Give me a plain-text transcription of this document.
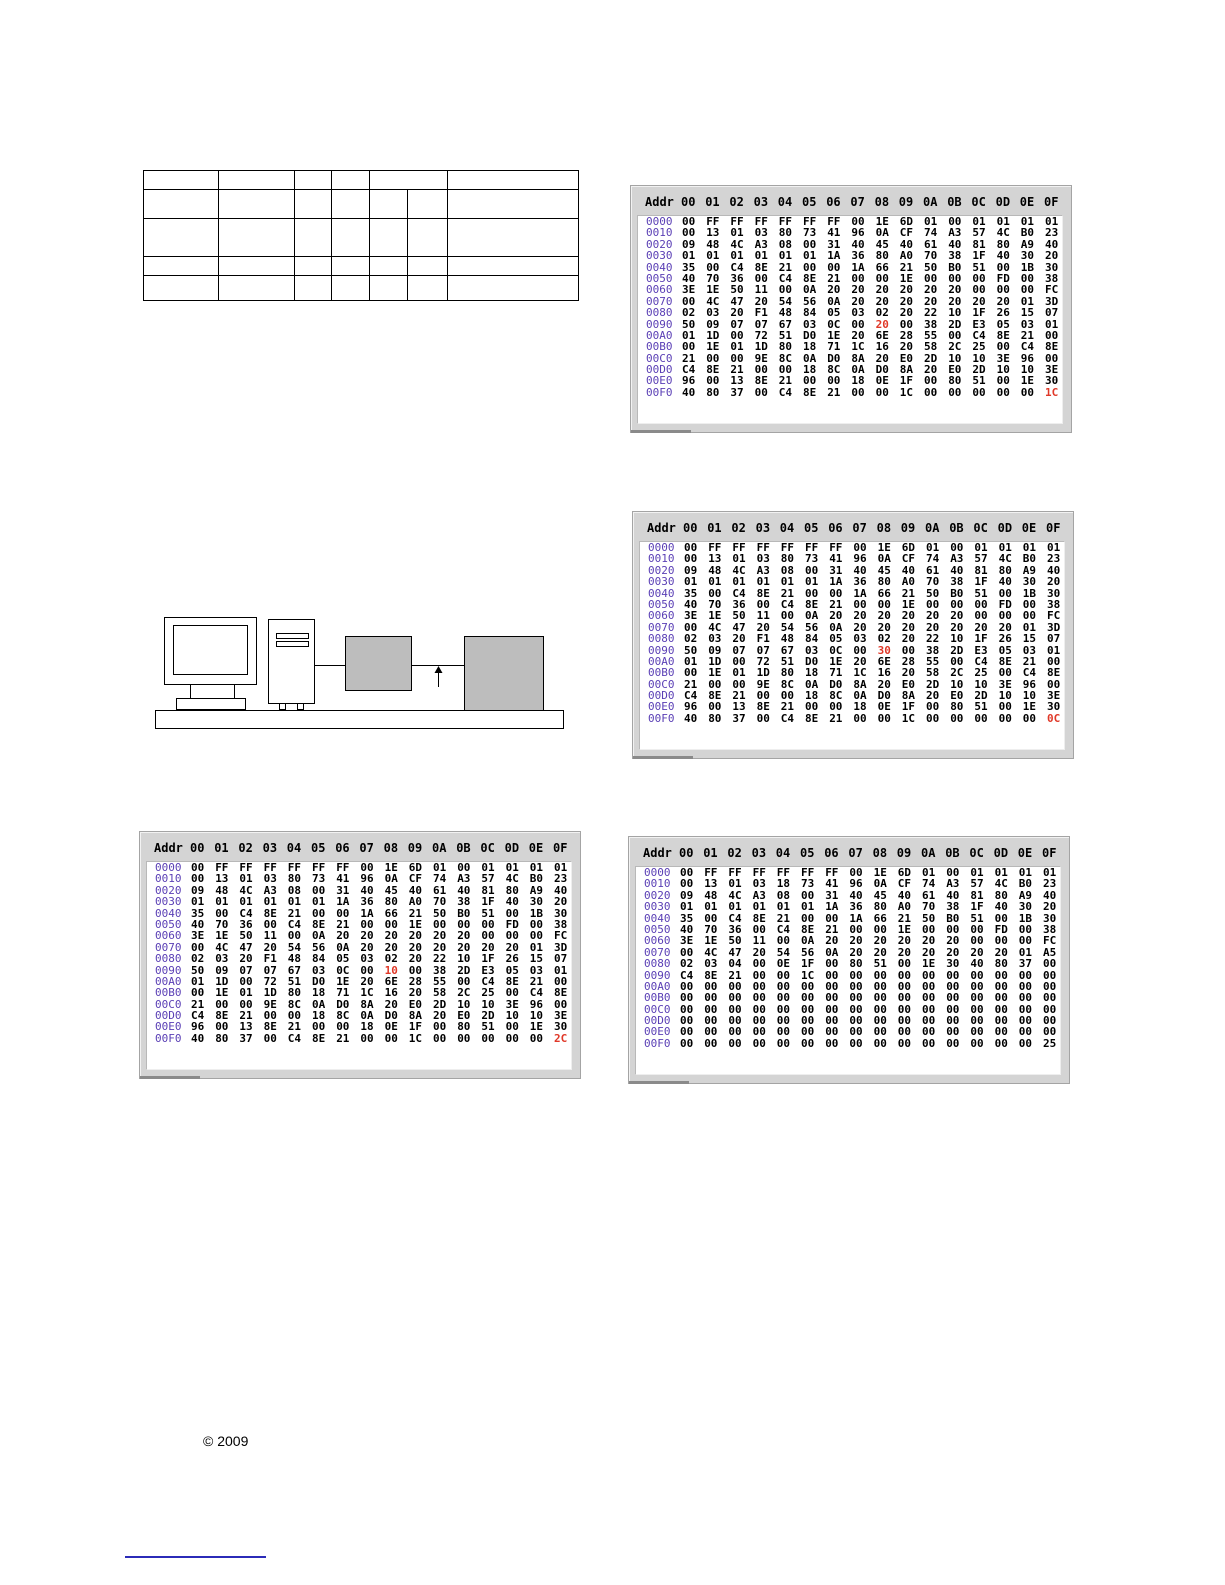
Addr 00 01 02 03 04 05 06 07 08 09 0A 0B 0C 0D 0E 0F
0000 00 FF FF FF FF FF FF 00 1E 6D 01 00 01 01 01 01
0010 00 13 01 03 80 73 41 96 0A CF 74 A3 57 4C B0 23
0020 09 48 4C A3 08 00 31 40 45 40 61 40 81 80 A9 40
0030 01 01 01 01 01 01 1A 36 80 A0 70 38 1F 40 30 20
0040 35 00 C4 8E 21 00 00 1A 66 21 50 B0 51 00 1B 30
0050 40 70 36 00 C4 8E 21 00 00 1E 00 00 00 FD 00 38
0060 3E 1E 50 11 00 0A 20 20 20 20 20 20 00 00 00 FC
0070 00 4C 47 20 54 56 0A 20 20 20 20 20 20 20 01 3D
0080 02 03 20 F1 48 84 05 03 02 20 22 10 1F 26 15 07
0090 50 09 07 07 67 03 0C 00 20 00 38 2D E3 05 03 01
00A0 01 1D 00 72 51 D0 1E 20 6E 28 55 00 C4 8E 21 00
00B0 00 1E 01 1D 80 18 71 1C 16 20 58 2C 25 00 C4 8E
00C0 21 00 00 9E 8C 0A D0 8A 20 E0 2D 10 10 3E 96 00
00D0 C4 8E 21 00 00 18 8C 0A D0 8A 20 E0 2D 10 10 3E
00E0 96 00 13 8E 21 00 00 18 0E 1F 00 80 51 00 1E 30
00F0 40 80 37 00 C4 8E 21 00 00 1C 00 00 00 00 00 1C
Addr 00 01 02 03 04 05 06 07 08 09 0A 0B 0C 0D 0E 0F
0000 00 FF FF FF FF FF FF 00 1E 6D 01 00 01 01 01 01
0010 00 13 01 03 80 73 41 96 0A CF 74 A3 57 4C B0 23
0020 09 48 4C A3 08 00 31 40 45 40 61 40 81 80 A9 40
0030 01 01 01 01 01 01 1A 36 80 A0 70 38 1F 40 30 20
0040 35 00 C4 8E 21 00 00 1A 66 21 50 B0 51 00 1B 30
0050 40 70 36 00 C4 8E 21 00 00 1E 00 00 00 FD 00 38
0060 3E 1E 50 11 00 0A 20 20 20 20 20 20 00 00 00 FC
0070 00 4C 47 20 54 56 0A 20 20 20 20 20 20 20 01 3D
0080 02 03 20 F1 48 84 05 03 02 20 22 10 1F 26 15 07
0090 50 09 07 07 67 03 0C 00 30 00 38 2D E3 05 03 01
00A0 01 1D 00 72 51 D0 1E 20 6E 28 55 00 C4 8E 21 00
00B0 00 1E 01 1D 80 18 71 1C 16 20 58 2C 25 00 C4 8E
00C0 21 00 00 9E 8C 0A D0 8A 20 E0 2D 10 10 3E 96 00
00D0 C4 8E 21 00 00 18 8C 0A D0 8A 20 E0 2D 10 10 3E
00E0 96 00 13 8E 21 00 00 18 0E 1F 00 80 51 00 1E 30
00F0 40 80 37 00 C4 8E 21 00 00 1C 00 00 00 00 00 0C
Addr 00 01 02 03 04 05 06 07 08 09 0A 0B 0C 0D 0E 0F
0000 00 FF FF FF FF FF FF 00 1E 6D 01 00 01 01 01 01
0010 00 13 01 03 80 73 41 96 0A CF 74 A3 57 4C B0 23
0020 09 48 4C A3 08 00 31 40 45 40 61 40 81 80 A9 40
0030 01 01 01 01 01 01 1A 36 80 A0 70 38 1F 40 30 20
0040 35 00 C4 8E 21 00 00 1A 66 21 50 B0 51 00 1B 30
0050 40 70 36 00 C4 8E 21 00 00 1E 00 00 00 FD 00 38
0060 3E 1E 50 11 00 0A 20 20 20 20 20 20 00 00 00 FC
0070 00 4C 47 20 54 56 0A 20 20 20 20 20 20 20 01 3D
0080 02 03 20 F1 48 84 05 03 02 20 22 10 1F 26 15 07
0090 50 09 07 07 67 03 0C 00 10 00 38 2D E3 05 03 01
00A0 01 1D 00 72 51 D0 1E 20 6E 28 55 00 C4 8E 21 00
00B0 00 1E 01 1D 80 18 71 1C 16 20 58 2C 25 00 C4 8E
00C0 21 00 00 9E 8C 0A D0 8A 20 E0 2D 10 10 3E 96 00
00D0 C4 8E 21 00 00 18 8C 0A D0 8A 20 E0 2D 10 10 3E
00E0 96 00 13 8E 21 00 00 18 0E 1F 00 80 51 00 1E 30
00F0 40 80 37 00 C4 8E 21 00 00 1C 00 00 00 00 00 2C
Addr 00 01 02 03 04 05 06 07 08 09 0A 0B 0C 0D 0E 0F
0000 00 FF FF FF FF FF FF 00 1E 6D 01 00 01 01 01 01
0010 00 13 01 03 18 73 41 96 0A CF 74 A3 57 4C B0 23
0020 09 48 4C A3 08 00 31 40 45 40 61 40 81 80 A9 40
0030 01 01 01 01 01 01 1A 36 80 A0 70 38 1F 40 30 20
0040 35 00 C4 8E 21 00 00 1A 66 21 50 B0 51 00 1B 30
0050 40 70 36 00 C4 8E 21 00 00 1E 00 00 00 FD 00 38
0060 3E 1E 50 11 00 0A 20 20 20 20 20 20 00 00 00 FC
0070 00 4C 47 20 54 56 0A 20 20 20 20 20 20 20 01 A5
0080 02 03 04 00 0E 1F 00 80 51 00 1E 30 40 80 37 00
0090 C4 8E 21 00 00 1C 00 00 00 00 00 00 00 00 00 00
00A0 00 00 00 00 00 00 00 00 00 00 00 00 00 00 00 00
00B0 00 00 00 00 00 00 00 00 00 00 00 00 00 00 00 00
00C0 00 00 00 00 00 00 00 00 00 00 00 00 00 00 00 00
00D0 00 00 00 00 00 00 00 00 00 00 00 00 00 00 00 00
00E0 00 00 00 00 00 00 00 00 00 00 00 00 00 00 00 00
00F0 00 00 00 00 00 00 00 00 00 00 00 00 00 00 00 25
© 2009
